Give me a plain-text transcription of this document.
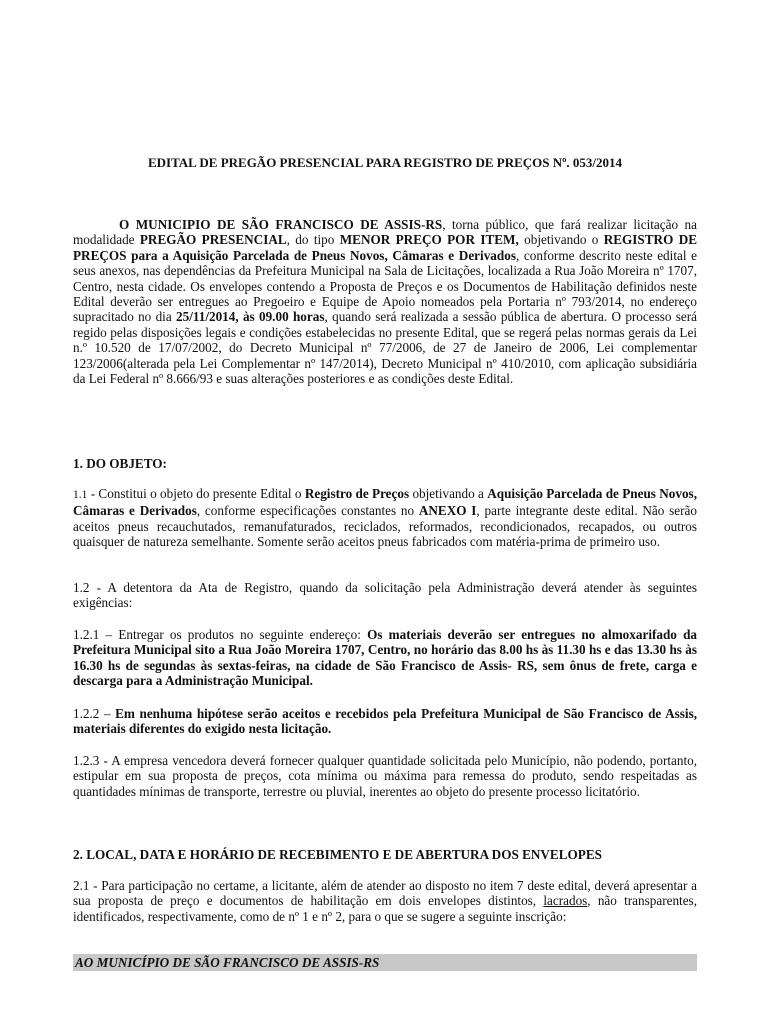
EDITAL DE PREGÃO PRESENCIAL PARA REGISTRO DE PREÇOS Nº. 053/2014

O MUNICIPIO DE SÃO FRANCISCO DE ASSIS-RS, torna público, que fará realizar licitação na modalidade PREGÃO PRESENCIAL, do tipo MENOR PREÇO POR ITEM, objetivando o REGISTRO DE PREÇOS para a Aquisição Parcelada de Pneus Novos, Câmaras e Derivados, conforme descrito neste edital e seus anexos, nas dependências da Prefeitura Municipal na Sala de Licitações, localizada a Rua João Moreira nº 1707, Centro, nesta cidade. Os envelopes contendo a Proposta de Preços e os Documentos de Habilitação definidos neste Edital deverão ser entregues ao Pregoeiro e Equipe de Apoio nomeados pela Portaria nº 793/2014, no endereço supracitado no dia 25/11/2014, às 09.00 horas, quando será realizada a sessão pública de abertura. O processo será regido pelas disposições legais e condições estabelecidas no presente Edital, que se regerá pelas normas gerais da Lei n.º 10.520 de 17/07/2002, do Decreto Municipal nº 77/2006, de 27 de Janeiro de 2006, Lei complementar 123/2006(alterada pela Lei Complementar nº 147/2014), Decreto Municipal nº 410/2010, com aplicação subsidiária da Lei Federal nº 8.666/93 e suas alterações posteriores e as condições deste Edital.

1. DO OBJETO:

1.1 - Constitui o objeto do presente Edital o Registro de Preços objetivando a Aquisição Parcelada de Pneus Novos, Câmaras e Derivados, conforme especificações constantes no ANEXO I, parte integrante deste edital. Não serão aceitos pneus recauchutados, remanufaturados, reciclados, reformados, recondicionados, recapados, ou outros quaisquer de natureza semelhante. Somente serão aceitos pneus fabricados com matéria-prima de primeiro uso.

1.2 - A detentora da Ata de Registro, quando da solicitação pela Administração deverá atender às seguintes exigências:

1.2.1 – Entregar os produtos no seguinte endereço: Os materiais deverão ser entregues no almoxarifado da Prefeitura Municipal sito a Rua João Moreira 1707, Centro, no horário das 8.00 hs às 11.30 hs e das 13.30 hs às 16.30 hs de segundas às sextas-feiras, na cidade de São Francisco de Assis- RS, sem ônus de frete, carga e descarga para a Administração Municipal.

1.2.2 – Em nenhuma hipótese serão aceitos e recebidos pela Prefeitura Municipal de São Francisco de Assis, materiais diferentes do exigido nesta licitação.

1.2.3 - A empresa vencedora deverá fornecer qualquer quantidade solicitada pelo Município, não podendo, portanto, estipular em sua proposta de preços, cota mínima ou máxima para remessa do produto, sendo respeitadas as quantidades mínimas de transporte, terrestre ou pluvial, inerentes ao objeto do presente processo licitatório.

2. LOCAL, DATA E HORÁRIO DE RECEBIMENTO E DE ABERTURA DOS ENVELOPES

2.1 - Para participação no certame, a licitante, além de atender ao disposto no item 7 deste edital, deverá apresentar a sua proposta de preço e documentos de habilitação em dois envelopes distintos, lacrados, não transparentes, identificados, respectivamente, como de nº 1 e nº 2, para o que se sugere a seguinte inscrição:

AO MUNICÍPIO DE SÃO FRANCISCO DE ASSIS-RS
